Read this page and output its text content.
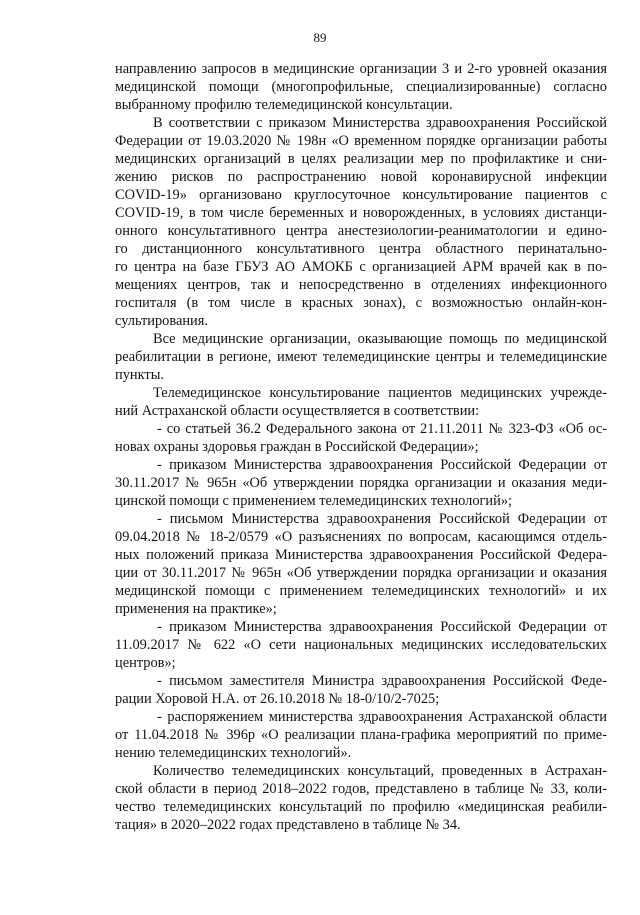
89
направлению запросов в медицинские организации 3 и 2-го уровней оказания
медицинской помощи (многопрофильные, специализированные) согласно
выбранному профилю телемедицинской консультации.
В соответствии с приказом Министерства здравоохранения Российской
Федерации от 19.03.2020 № 198н «О временном порядке организации работы
медицинских организаций в целях реализации мер по профилактике и сни-
жению рисков по распространению новой коронавирусной инфекции
COVID-19» организовано круглосуточное консультирование пациентов с
COVID-19, в том числе беременных и новорожденных, в условиях дистанци-
онного консультативного центра анестезиологии-реаниматологии и едино-
го дистанционного консультативного центра областного перинатально-
го центра на базе ГБУЗ АО АМОКБ с организацией АРМ врачей как в по-
мещениях центров, так и непосредственно в отделениях инфекционного
госпиталя (в том числе в красных зонах), с возможностью онлайн-кон-
сультирования.
Все медицинские организации, оказывающие помощь по медицинской
реабилитации в регионе, имеют телемедицинские центры и телемедицинские
пункты.
Телемедицинское консультирование пациентов медицинских учрежде-
ний Астраханской области осуществляется в соответствии:
- со статьей 36.2 Федерального закона от 21.11.2011 № 323-ФЗ «Об ос-
новах охраны здоровья граждан в Российской Федерации»;
- приказом Министерства здравоохранения Российской Федерации от
30.11.2017 № 965н «Об утверждении порядка организации и оказания меди-
цинской помощи с применением телемедицинских технологий»;
- письмом Министерства здравоохранения Российской Федерации от
09.04.2018 № 18-2/0579 «О разъяснениях по вопросам, касающимся отдель-
ных положений приказа Министерства здравоохранения Российской Федера-
ции от 30.11.2017 № 965н «Об утверждении порядка организации и оказания
медицинской помощи с применением телемедицинских технологий» и их
применения на практике»;
- приказом Министерства здравоохранения Российской Федерации от
11.09.2017 № 622 «О сети национальных медицинских исследовательских
центров»;
- письмом заместителя Министра здравоохранения Российской Феде-
рации Хоровой Н.А. от 26.10.2018 № 18-0/10/2-7025;
- распоряжением министерства здравоохранения Астраханской области
от 11.04.2018 № 396р «О реализации плана-графика мероприятий по приме-
нению телемедицинских технологий».
Количество телемедицинских консультаций, проведенных в Астрахан-
ской области в период 2018–2022 годов, представлено в таблице № 33, коли-
чество телемедицинских консультаций по профилю «медицинская реабили-
тация» в 2020–2022 годах представлено в таблице № 34.
